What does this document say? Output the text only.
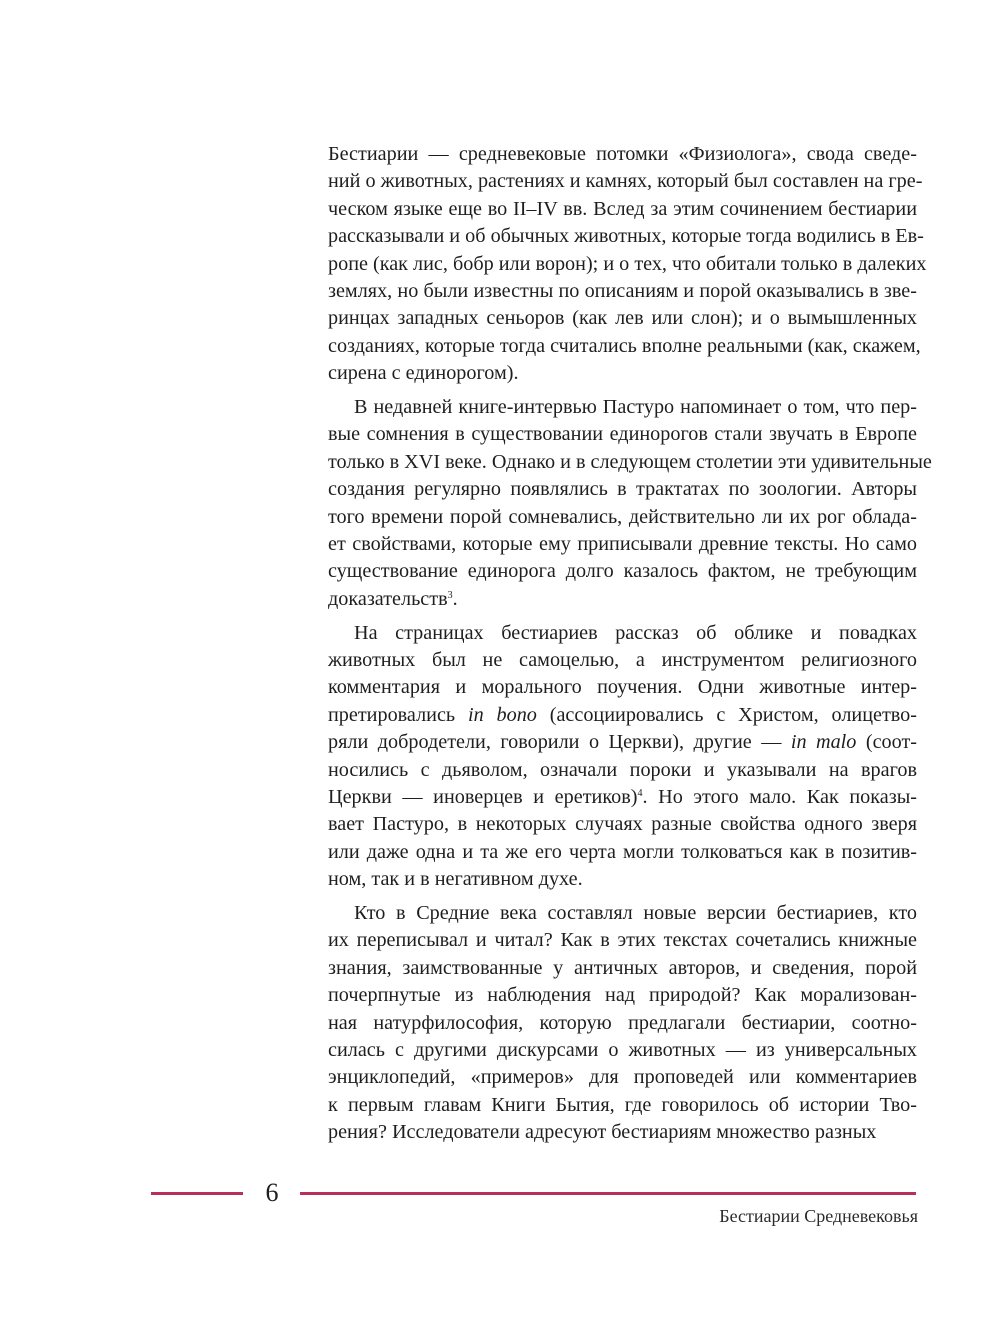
Бестиарии — средневековые потомки «Физиолога», свода сведе-
ний о животных, растениях и камнях, который был составлен на гре-
ческом языке еще во II–IV вв. Вслед за этим сочинением бестиарии
рассказывали и об обычных животных, которые тогда водились в Ев-
ропе (как лис, бобр или ворон); и о тех, что обитали только в далеких
землях, но были известны по описаниям и порой оказывались в зве-
ринцах западных сеньоров (как лев или слон); и о вымышленных
созданиях, которые тогда считались вполне реальными (как, скажем,
сирена с единорогом).
В недавней книге-интервью Пастуро напоминает о том, что пер-
вые сомнения в существовании единорогов стали звучать в Европе
только в XVI веке. Однако и в следующем столетии эти удивительные
создания регулярно появлялись в трактатах по зоологии. Авторы
того времени порой сомневались, действительно ли их рог облада-
ет свойствами, которые ему приписывали древние тексты. Но само
существование единорога долго казалось фактом, не требующим
доказательств$^3$.
На страницах бестиариев рассказ об облике и повадках
животных был не самоцелью, а инструментом религиозного
комментария и морального поучения. Одни животные интер-
претировались in bono (ассоциировались с Христом, олицетво-
ряли добродетели, говорили о Церкви), другие — in malo (соот-
носились с дьяволом, означали пороки и указывали на врагов
Церкви — иноверцев и еретиков)$^4$. Но этого мало. Как показы-
вает Пастуро, в некоторых случаях разные свойства одного зверя
или даже одна и та же его черта могли толковаться как в позитив-
ном, так и в негативном духе.
Кто в Средние века составлял новые версии бестиариев, кто
их переписывал и читал? Как в этих текстах сочетались книжные
знания, заимствованные у античных авторов, и сведения, порой
почерпнутые из наблюдения над природой? Как морализован-
ная натурфилософия, которую предлагали бестиарии, соотно-
силась с другими дискурсами о животных — из универсальных
энциклопедий, «примеров» для проповедей или комментариев
к первым главам Книги Бытия, где говорилось об истории Тво-
рения? Исследователи адресуют бестиариям множество разных
6
Бестиарии Средневековья
